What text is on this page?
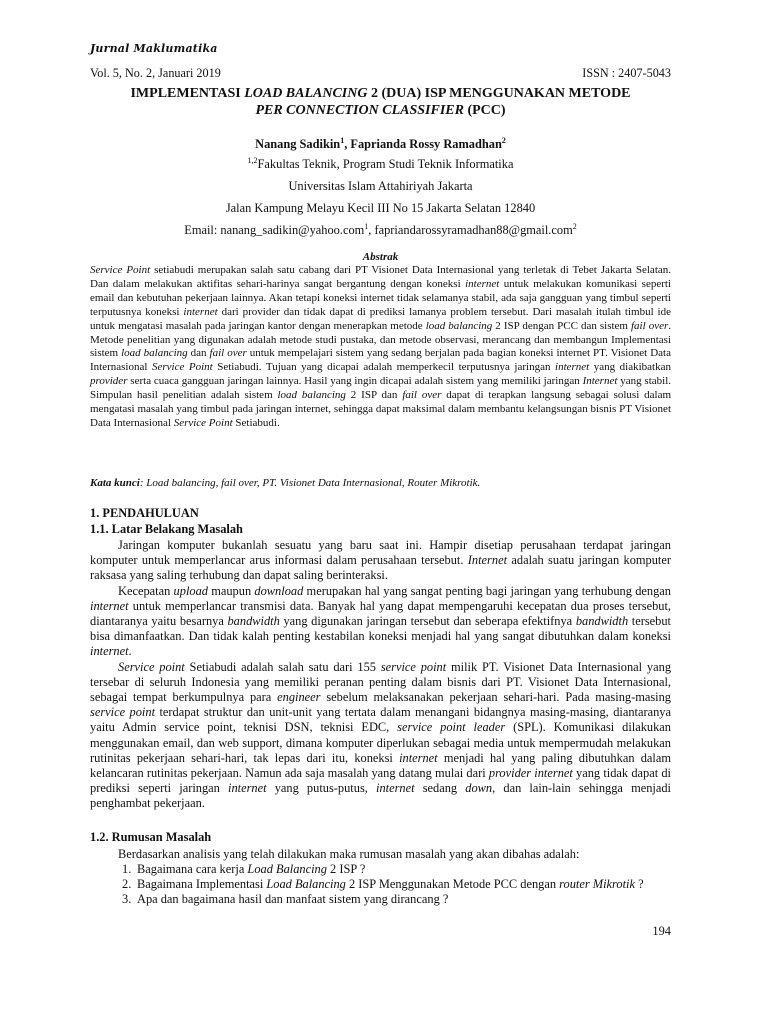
Jurnal Maklumatika
Vol. 5, No. 2, Januari 2019	ISSN : 2407-5043
IMPLEMENTASI LOAD BALANCING 2 (DUA) ISP MENGGUNAKAN METODE
PER CONNECTION CLASSIFIER (PCC)
Nanang Sadikin$^1$, Faprianda Rossy Ramadhan$^2$
$^{1,2}$Fakultas Teknik, Program Studi Teknik Informatika
Universitas Islam Attahiriyah Jakarta
Jalan Kampung Melayu Kecil III No 15 Jakarta Selatan 12840
Email: nanang_sadikin@yahoo.com$^1$, fapriandarossyramadhan88@gmail.com$^2$
Abstrak

Service Point setiabudi merupakan salah satu cabang dari PT Visionet Data Internasional yang terletak di Tebet Jakarta Selatan. Dan dalam melakukan aktifitas sehari-harinya sangat bergantung dengan koneksi internet untuk melakukan komunikasi seperti email dan kebutuhan pekerjaan lainnya. Akan tetapi koneksi internet tidak selamanya stabil, ada saja gangguan yang timbul seperti terputusnya koneksi internet dari provider dan tidak dapat di prediksi lamanya problem tersebut. Dari masalah itulah timbul ide untuk mengatasi masalah pada jaringan kantor dengan menerapkan metode load balancing 2 ISP dengan PCC dan sistem fail over. Metode penelitian yang digunakan adalah metode studi pustaka, dan metode observasi, merancang dan membangun Implementasi sistem load balancing dan fail over untuk mempelajari sistem yang sedang berjalan pada bagian koneksi internet PT. Visionet Data Internasional Service Point Setiabudi. Tujuan yang dicapai adalah memperkecil terputusnya jaringan internet yang diakibatkan provider serta cuaca gangguan jaringan lainnya. Hasil yang ingin dicapai adalah sistem yang memiliki jaringan Internet yang stabil. Simpulan hasil penelitian adalah sistem load balancing 2 ISP dan fail over dapat di terapkan langsung sebagai solusi dalam mengatasi masalah yang timbul pada jaringan internet, sehingga dapat maksimal dalam membantu kelangsungan bisnis PT Visionet Data Internasional Service Point Setiabudi.

Kata kunci: Load balancing, fail over, PT. Visionet Data Internasional, Router Mikrotik.
1. PENDAHULUAN
1.1. Latar Belakang Masalah

Jaringan komputer bukanlah sesuatu yang baru saat ini. Hampir disetiap perusahaan terdapat jaringan komputer untuk memperlancar arus informasi dalam perusahaan tersebut. Internet adalah suatu jaringan komputer raksasa yang saling terhubung dan dapat saling berinteraksi.

Kecepatan upload maupun download merupakan hal yang sangat penting bagi jaringan yang terhubung dengan internet untuk memperlancar transmisi data. Banyak hal yang dapat mempengaruhi kecepatan dua proses tersebut, diantaranya yaitu besarnya bandwidth yang digunakan jaringan tersebut dan seberapa efektifnya bandwidth tersebut bisa dimanfaatkan. Dan tidak kalah penting kestabilan koneksi menjadi hal yang sangat dibutuhkan dalam koneksi internet.

Service point Setiabudi adalah salah satu dari 155 service point milik PT. Visionet Data Internasional yang tersebar di seluruh Indonesia yang memiliki peranan penting dalam bisnis dari PT. Visionet Data Internasional, sebagai tempat berkumpulnya para engineer sebelum melaksanakan pekerjaan sehari-hari. Pada masing-masing service point terdapat struktur dan unit-unit yang tertata dalam menangani bidangnya masing-masing, diantaranya yaitu Admin service point, teknisi DSN, teknisi EDC, service point leader (SPL). Komunikasi dilakukan menggunakan email, dan web support, dimana komputer diperlukan sebagai media untuk mempermudah melakukan rutinitas pekerjaan sehari-hari, tak lepas dari itu, koneksi internet menjadi hal yang paling dibutuhkan dalam kelancaran rutinitas pekerjaan. Namun ada saja masalah yang datang mulai dari provider internet yang tidak dapat di prediksi seperti jaringan internet yang putus-putus, internet sedang down, dan lain-lain sehingga menjadi penghambat pekerjaan.

1.2. Rumusan Masalah
Berdasarkan analisis yang telah dilakukan maka rumusan masalah yang akan dibahas adalah:
1. Bagaimana cara kerja Load Balancing 2 ISP ?
2. Bagaimana Implementasi Load Balancing 2 ISP Menggunakan Metode PCC dengan router Mikrotik ?
3. Apa dan bagaimana hasil dan manfaat sistem yang dirancang ?
194
